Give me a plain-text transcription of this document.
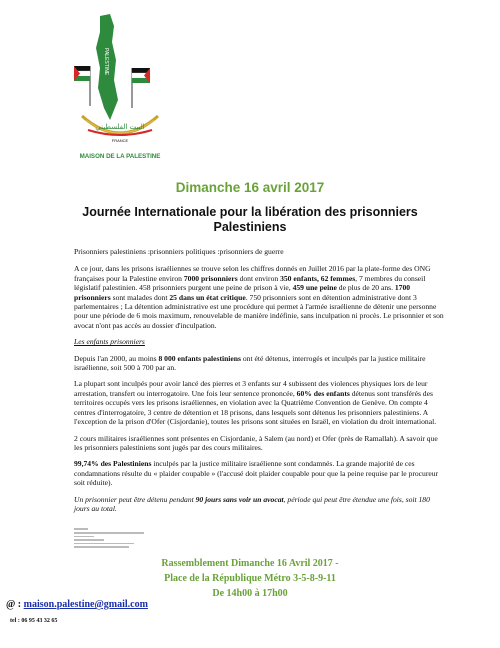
PALESTINE
البيت الفلسطيني
FRANCE
MAISON DE LA PALESTINE
Dimanche 16 avril 2017
Journée Internationale pour la libération des prisonniers Palestiniens

Prisonniers palestiniens :prisonniers politiques :prisonniers de guerre

A ce jour, dans les prisons israéliennes se trouve selon les chiffres donnés en Juillet 2016 par la plate-forme des ONG françaises pour la Palestine environ 7000 prisonniers dont environ 350 enfants, 62 femmes, 7 membres du conseil législatif palestinien. 458 prisonniers purgent une peine de prison à vie, 459 une peine de plus de 20 ans. 1700 prisonniers sont malades dont 25 dans un état critique. 750 prisonniers sont en détention administrative dont 3 parlementaires ; La détention administrative est une procédure qui permet à l'armée israélienne de détenir une personne pour une période de 6 mois maximum, renouvelable de manière indéfinie, sans inculpation ni procès. Le prisonnier et son avocat n'ont pas accès au dossier d'inculpation.

Les enfants prisonniers

Depuis l'an 2000, au moins 8 000 enfants palestiniens ont été détenus, interrogés et inculpés par la justice militaire israélienne, soit 500 à 700 par an.

La plupart sont inculpés pour avoir lancé des pierres et 3 enfants sur 4 subissent des violences physiques lors de leur arrestation, transfert ou interrogatoire. Une fois leur sentence prononcée, 60% des enfants détenus sont transférés des territoires occupés vers les prisons israéliennes, en violation avec la Quatrième Convention de Genève. On compte 4 centres d'interrogatoire, 3 centre de détention et 18 prisons, dans lesquels sont détenus les prisonniers palestiniens. A l'exception de la prison d'Ofer (Cisjordanie), toutes les prisons sont situées en Israël, en violation du droit international.

2 cours militaires israéliennes sont présentes en Cisjordanie, à Salem (au nord) et Ofer (près de Ramallah). A savoir que les prisonniers palestiniens sont jugés par des cours militaires.

99,74% des Palestiniens inculpés par la justice militaire israélienne sont condamnés. La grande majorité de ces condamnations résulte du « plaider coupable » (l'accusé doit plaider coupable pour que la peine requise par le procureur soit réduite).

Un prisonnier peut être détenu pendant 90 jours sans voir un avocat, période qui peut être étendue une fois, soit 180 jours au total.

Rassemblement Dimanche 16 Avril 2017 -
Place de la République Métro 3-5-8-9-11
De 14h00 à 17h00
@ : maison.palestine@gmail.com
tel : 06 95 43 32 65
